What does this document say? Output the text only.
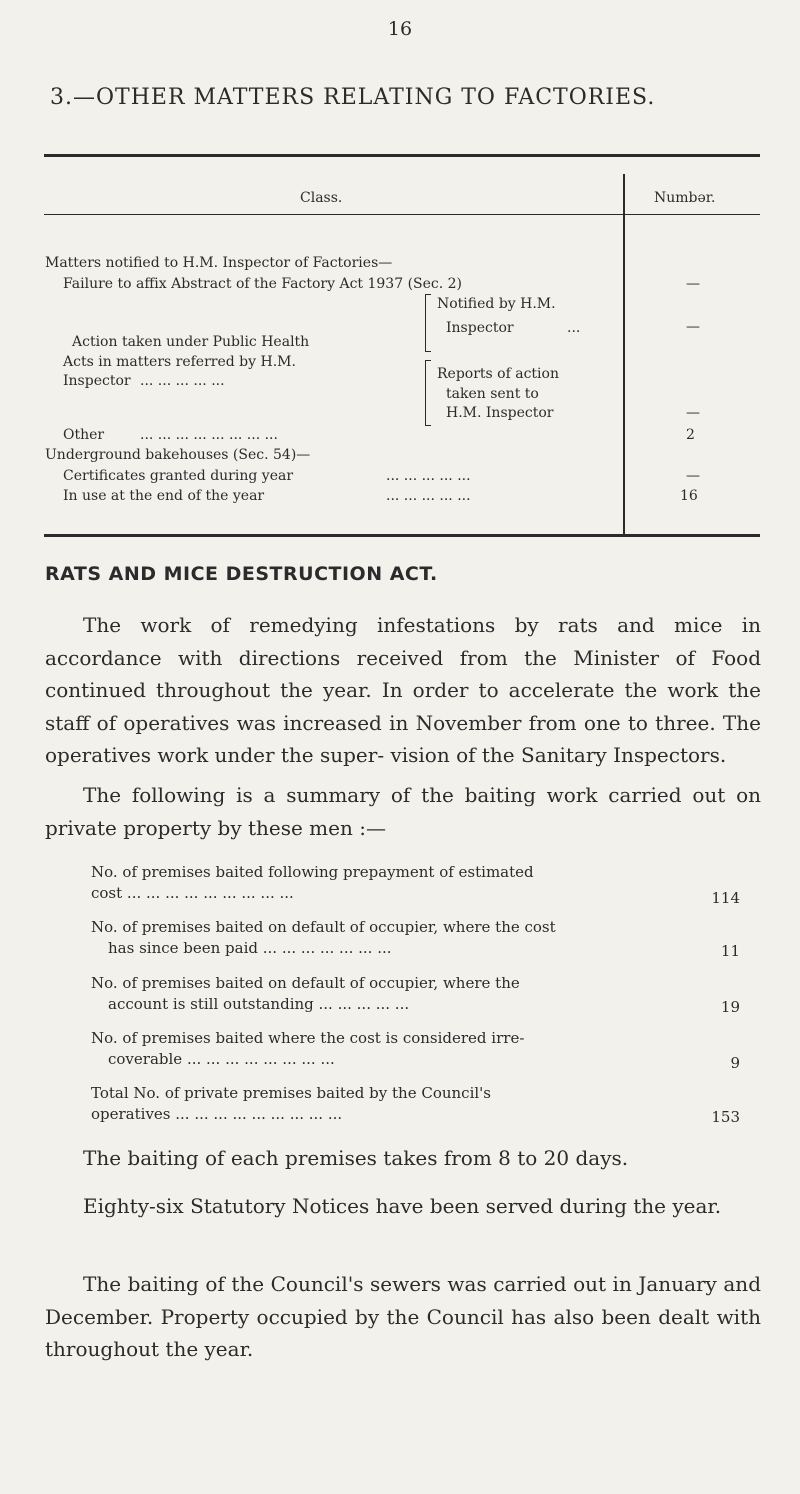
16
3.—OTHER MATTERS RELATING TO FACTORIES.
Class.	Numbər.
Matters notified to H.M. Inspector of Factories—
Failure to affix Abstract of the Factory Act 1937 (Sec. 2)	—
Action taken under Public Health
Acts in matters referred by H.M.
Inspector ... ... ... ... ...
Notified by H.M.
Inspector	...	—
Reports of action
taken sent to
H.M. Inspector	—
Other	... ... ... ... ... ... ... ...	2
Underground bakehouses (Sec. 54)—
Certificates granted during year	... ... ... ... ...	—
In use at the end of the year	... ... ... ... ...	16
RATS AND MICE DESTRUCTION ACT.
The work of remedying infestations by rats and mice in accordance with directions received from the Minister of Food continued throughout the year. In order to accelerate the work the staff of operatives was increased in November from one to three. The operatives work under the super- vision of the Sanitary Inspectors.
The following is a summary of the baiting work carried out on private property by these men :—
No. of premises baited following prepayment of estimated
cost ... ... ... ... ... ... ... ... ...	114
No. of premises baited on default of occupier, where the cost
has since been paid ... ... ... ... ... ... ...	11
No. of premises baited on default of occupier, where the
account is still outstanding ... ... ... ... ...	19
No. of premises baited where the cost is considered irre-
coverable ... ... ... ... ... ... ... ...	9
Total No. of private premises baited by the Council's
operatives ... ... ... ... ... ... ... ... ...	153
The baiting of each premises takes from 8 to 20 days.
Eighty-six Statutory Notices have been served during the year.
The baiting of the Council's sewers was carried out in January and December. Property occupied by the Council has also been dealt with throughout the year.
